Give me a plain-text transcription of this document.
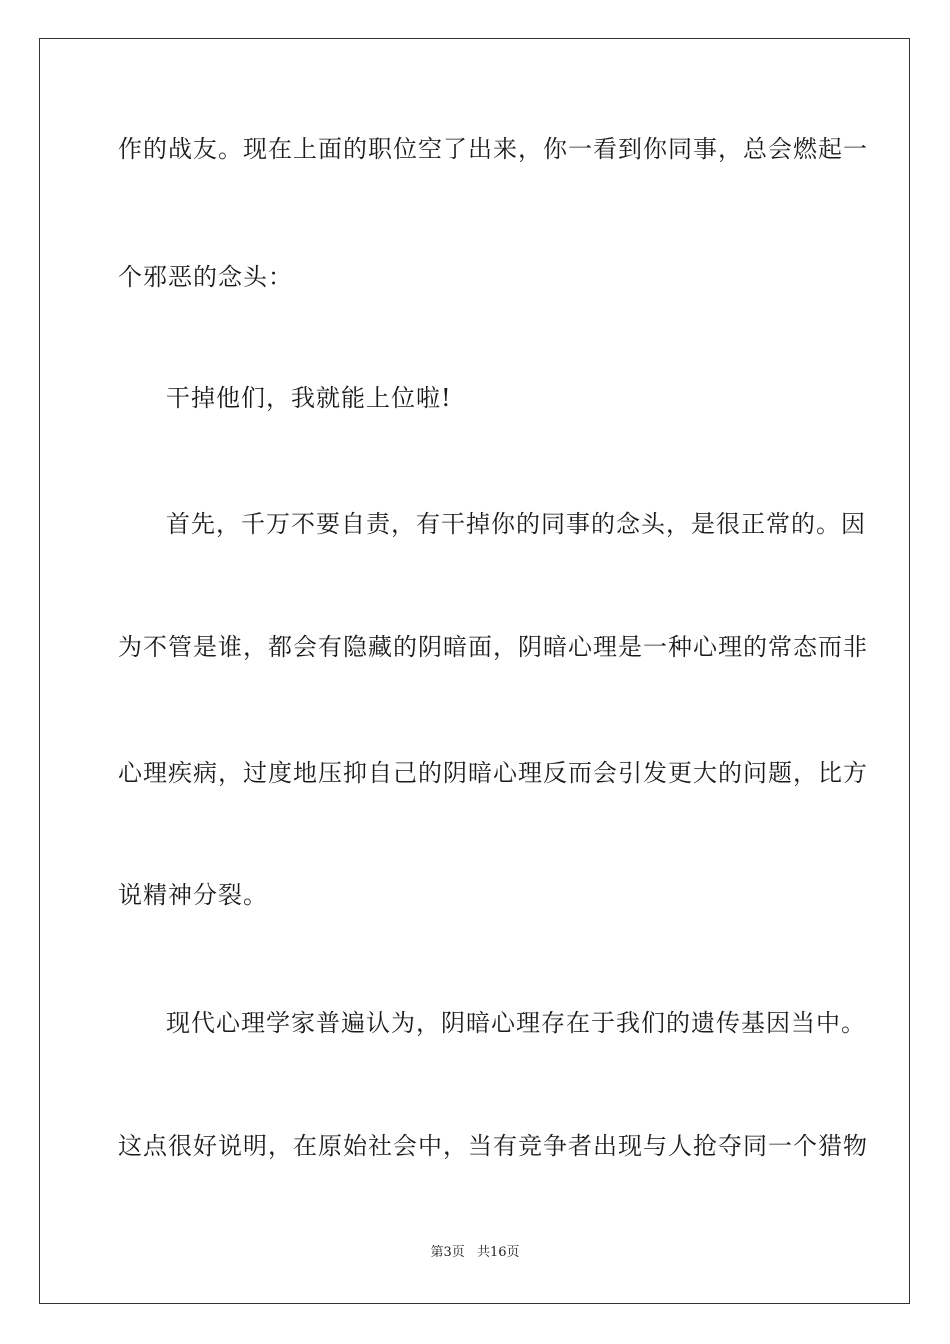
作的战友。现在上面的职位空了出来，你一看到你同事，总会燃起一
个邪恶的念头：
干掉他们，我就能上位啦!
首先，千万不要自责，有干掉你的同事的念头，是很正常的。因
为不管是谁，都会有隐藏的阴暗面，阴暗心理是一种心理的常态而非
心理疾病，过度地压抑自己的阴暗心理反而会引发更大的问题，比方
说精神分裂。
现代心理学家普遍认为，阴暗心理存在于我们的遗传基因当中。
这点很好说明，在原始社会中，当有竞争者出现与人抢夺同一个猎物
第3页 共16页
